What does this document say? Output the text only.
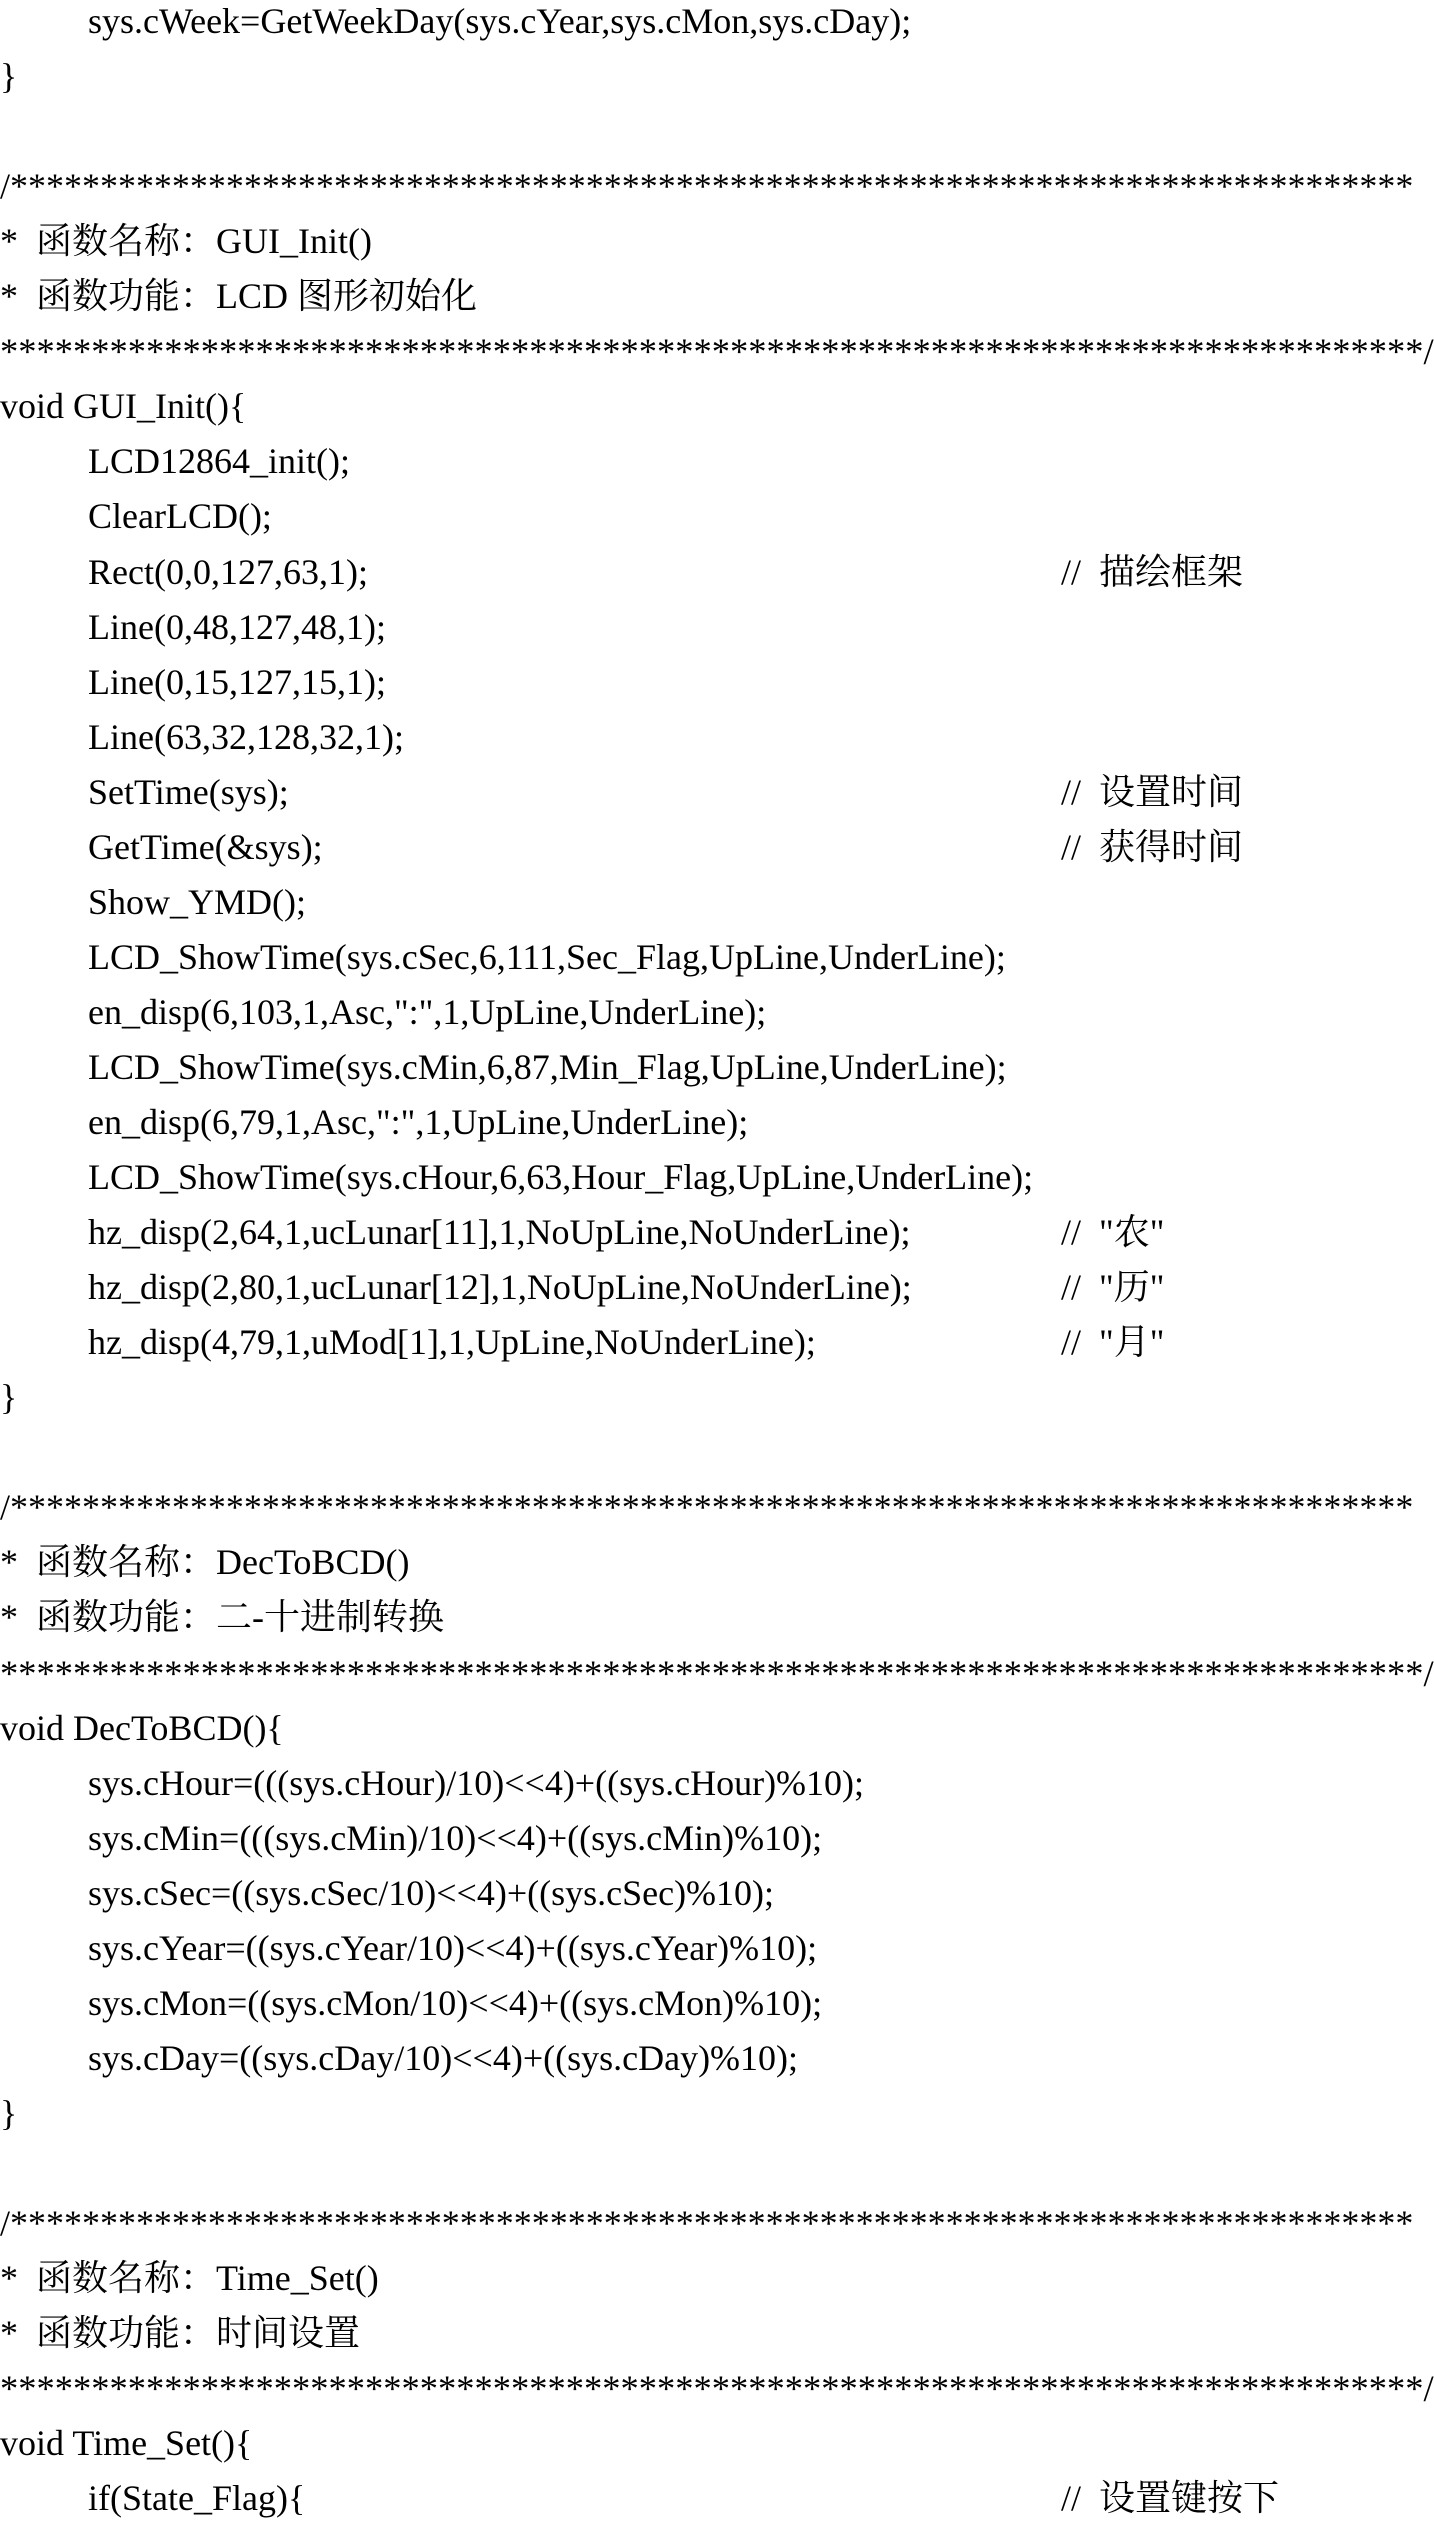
sys.cWeek=GetWeekDay(sys.cYear,sys.cMon,sys.cDay);
}
/******************************************************************************
*  函数名称：GUI_Init()
*  函数功能：LCD 图形初始化
******************************************************************************/
void GUI_Init(){
LCD12864_init();
ClearLCD();
Rect(0,0,127,63,1);	//  描绘框架
Line(0,48,127,48,1);
Line(0,15,127,15,1);
Line(63,32,128,32,1);
SetTime(sys);	//  设置时间
GetTime(&sys);	//  获得时间
Show_YMD();
LCD_ShowTime(sys.cSec,6,111,Sec_Flag,UpLine,UnderLine);
en_disp(6,103,1,Asc,":",1,UpLine,UnderLine);
LCD_ShowTime(sys.cMin,6,87,Min_Flag,UpLine,UnderLine);
en_disp(6,79,1,Asc,":",1,UpLine,UnderLine);
LCD_ShowTime(sys.cHour,6,63,Hour_Flag,UpLine,UnderLine);
hz_disp(2,64,1,ucLunar[11],1,NoUpLine,NoUnderLine);	//  "农"
hz_disp(2,80,1,ucLunar[12],1,NoUpLine,NoUnderLine);	//  "历"
hz_disp(4,79,1,uMod[1],1,UpLine,NoUnderLine);	//  "月"
}
/******************************************************************************
*  函数名称：DecToBCD()
*  函数功能：二-十进制转换
******************************************************************************/
void DecToBCD(){
sys.cHour=(((sys.cHour)/10)<<4)+((sys.cHour)%10);
sys.cMin=(((sys.cMin)/10)<<4)+((sys.cMin)%10);
sys.cSec=((sys.cSec/10)<<4)+((sys.cSec)%10);
sys.cYear=((sys.cYear/10)<<4)+((sys.cYear)%10);
sys.cMon=((sys.cMon/10)<<4)+((sys.cMon)%10);
sys.cDay=((sys.cDay/10)<<4)+((sys.cDay)%10);
}
/******************************************************************************
*  函数名称：Time_Set()
*  函数功能：时间设置
******************************************************************************/
void Time_Set(){
if(State_Flag){	//  设置键按下
